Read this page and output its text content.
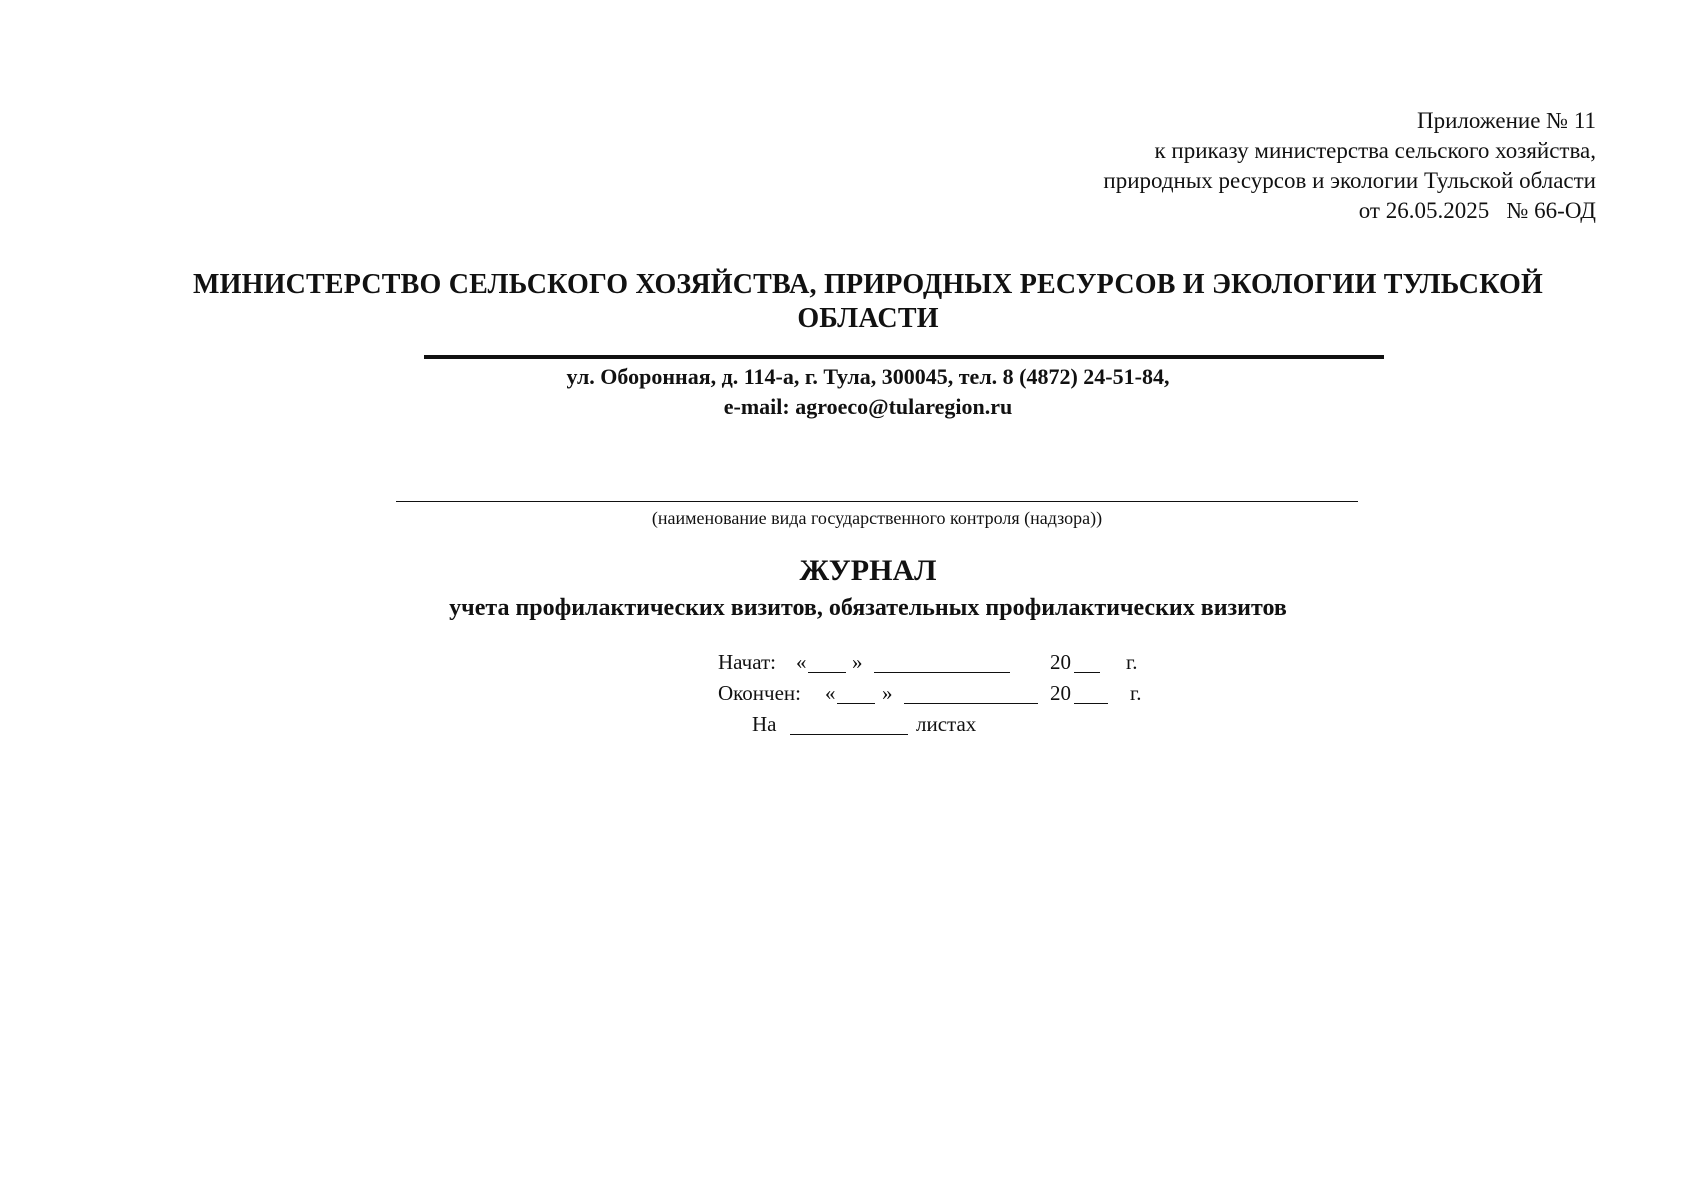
Приложение № 11
к приказу министерства сельского хозяйства,
природных ресурсов и экологии Тульской области
от 26.05.2025   № 66-ОД
МИНИСТЕРСТВО СЕЛЬСКОГО ХОЗЯЙСТВА, ПРИРОДНЫХ РЕСУРСОВ И ЭКОЛОГИИ ТУЛЬСКОЙ
ОБЛАСТИ
ул. Оборонная, д. 114-а, г. Тула, 300045, тел. 8 (4872) 24-51-84,
e-mail: agroeco@tularegion.ru
(наименование вида государственного контроля (надзора))
ЖУРНАЛ
учета профилактических визитов, обязательных профилактических визитов
Начат: « »	20	г.
Окончен: « »	20	г.
На	листах
